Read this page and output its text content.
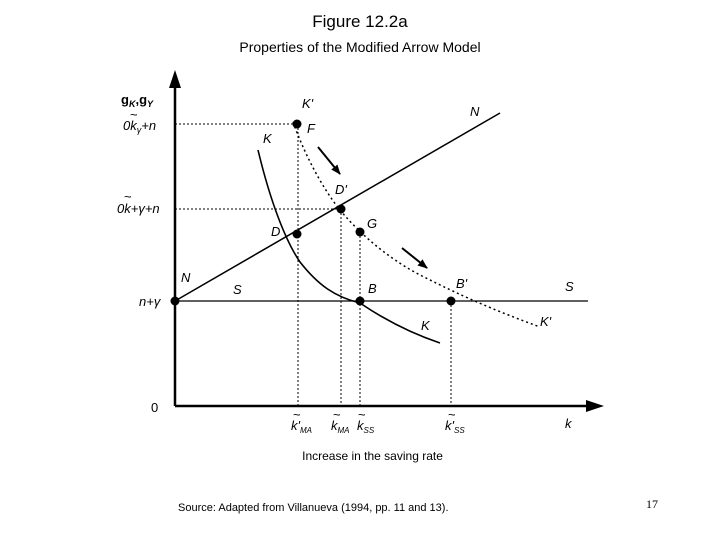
Figure 12.2a
Properties of the Modified Arrow Model
$g_K,g_Y$
$0k_\gamma+n$
~
0k+γ+n
~
n+γ
0
K'
N
K
F
D'
G
D
N
S	B	B'	S
K	K'
~
$k'_{MA}$
~
$k_{MA}$
~
$k_{SS}$
~
$k'_{SS}$	k
Increase in the saving rate
Source: Adapted from Villanueva (1994, pp. 11 and 13).	17
